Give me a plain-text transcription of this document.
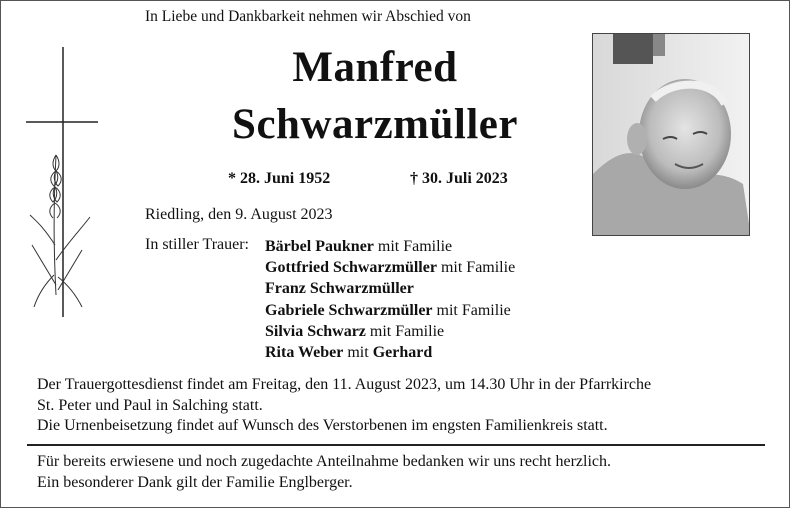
In Liebe und Dankbarkeit nehmen wir Abschied von
Manfred
Schwarzmüller
* 28. Juni 1952	† 30. Juli 2023
Riedling, den 9. August 2023
In stiller Trauer: Bärbel Paukner mit Familie
Gottfried Schwarzmüller mit Familie
Franz Schwarzmüller
Gabriele Schwarzmüller mit Familie
Silvia Schwarz mit Familie
Rita Weber mit Gerhard
Der Trauergottesdienst findet am Freitag, den 11. August 2023, um 14.30 Uhr in der Pfarrkirche
St. Peter und Paul in Salching statt.
Die Urnenbeisetzung findet auf Wunsch des Verstorbenen im engsten Familienkreis statt.
Für bereits erwiesene und noch zugedachte Anteilnahme bedanken wir uns recht herzlich.
Ein besonderer Dank gilt der Familie Englberger.
